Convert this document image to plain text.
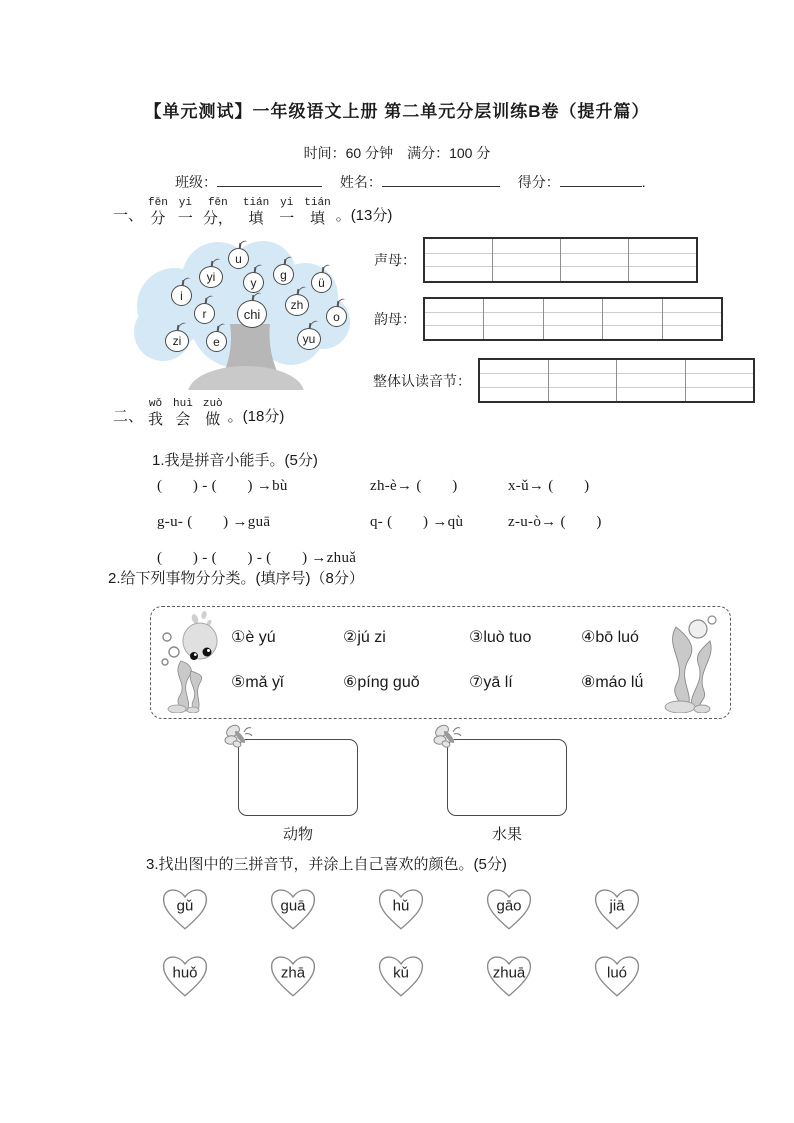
【单元测试】一年级语文上册 第二单元分层训练B卷（提升篇）
时间：60 分钟　满分：100 分
班级：	姓名：	得分：	.
一、
fēn
分
yi
一
fēn
分，
tián
填
yi
一
tián
填 。(13分)
u
yi	y
g
ü
i
r	chi
zh
o
zi	e	yu
声母：
韵母：
整体认读音节：
二、
wǒ
我
huì
会
zuò
做 。(18分)
1.我是拼音小能手。(5分)
(　　) - (　　) →bù	zh-è→ (　　)	x-ǔ→ (　　)
g-u- (　　) →guā	q- (　　) →qù	z-u-ò→ (　　)
(　　) - (　　) - (　　) →zhuǎ
2.给下列事物分分类。(填序号)（8分）
①è yú	②jú zi	③luò tuo	④bō luó
⑤mǎ yǐ	⑥píng guǒ	⑦yā lí	⑧máo lǘ
动物	水果
3.找出图中的三拼音节，并涂上自己喜欢的颜色。(5分)
gǔ	guā	hǔ	gāo	jiā
huǒ	zhā	kǔ	zhuā	luó
